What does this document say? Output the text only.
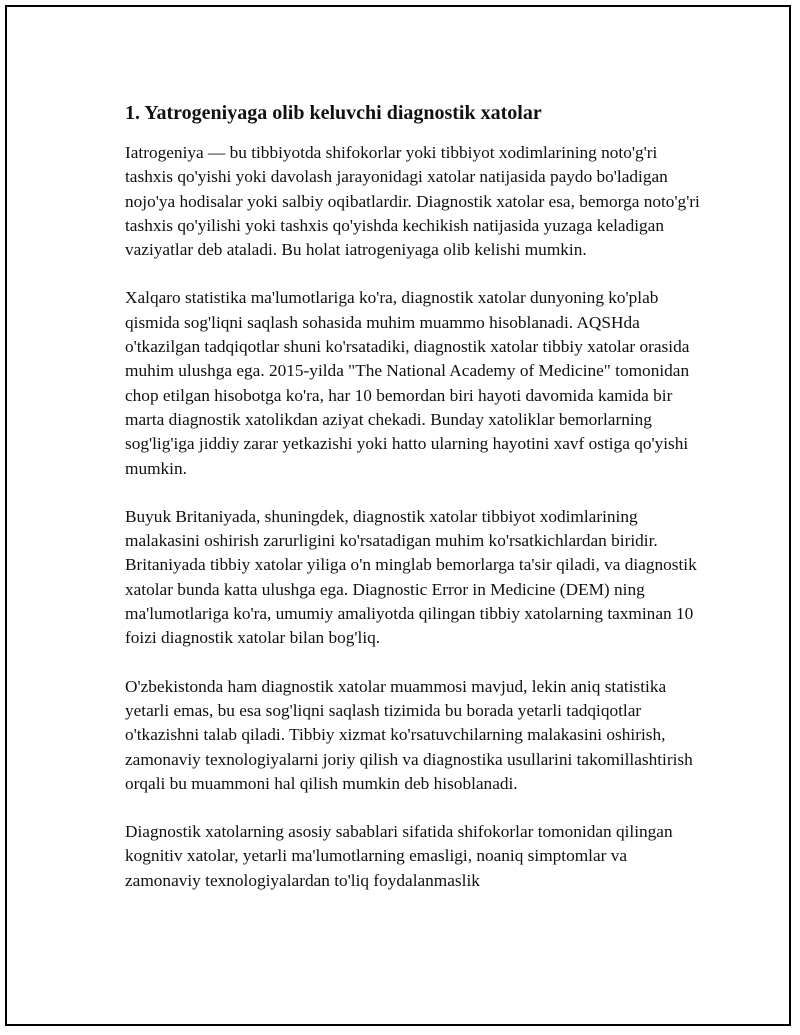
1. Yatrogeniyaga olib keluvchi diagnostik xatolar

Iatrogeniya — bu tibbiyotda shifokorlar yoki tibbiyot xodimlarining noto'g'ri tashxis qo'yishi yoki davolash jarayonidagi xatolar natijasida paydo bo'ladigan nojo'ya hodisalar yoki salbiy oqibatlardir. Diagnostik xatolar esa, bemorga noto'g'ri tashxis qo'yilishi yoki tashxis qo'yishda kechikish natijasida yuzaga keladigan vaziyatlar deb ataladi. Bu holat iatrogeniyaga olib kelishi mumkin.

Xalqaro statistika ma'lumotlariga ko'ra, diagnostik xatolar dunyoning ko'plab qismida sog'liqni saqlash sohasida muhim muammo hisoblanadi. AQSHda o'tkazilgan tadqiqotlar shuni ko'rsatadiki, diagnostik xatolar tibbiy xatolar orasida muhim ulushga ega. 2015-yilda "The National Academy of Medicine" tomonidan chop etilgan hisobotga ko'ra, har 10 bemordan biri hayoti davomida kamida bir marta diagnostik xatolikdan aziyat chekadi. Bunday xatoliklar bemorlarning sog'lig'iga jiddiy zarar yetkazishi yoki hatto ularning hayotini xavf ostiga qo'yishi mumkin.

Buyuk Britaniyada, shuningdek, diagnostik xatolar tibbiyot xodimlarining malakasini oshirish zarurligini ko'rsatadigan muhim ko'rsatkichlardan biridir. Britaniyada tibbiy xatolar yiliga o'n minglab bemorlarga ta'sir qiladi, va diagnostik xatolar bunda katta ulushga ega. Diagnostic Error in Medicine (DEM) ning ma'lumotlariga ko'ra, umumiy amaliyotda qilingan tibbiy xatolarning taxminan 10 foizi diagnostik xatolar bilan bog'liq.

O'zbekistonda ham diagnostik xatolar muammosi mavjud, lekin aniq statistika yetarli emas, bu esa sog'liqni saqlash tizimida bu borada yetarli tadqiqotlar o'tkazishni talab qiladi. Tibbiy xizmat ko'rsatuvchilarning malakasini oshirish, zamonaviy texnologiyalarni joriy qilish va diagnostika usullarini takomillashtirish orqali bu muammoni hal qilish mumkin deb hisoblanadi.

Diagnostik xatolarning asosiy sabablari sifatida shifokorlar tomonidan qilingan kognitiv xatolar, yetarli ma'lumotlarning emasligi, noaniq simptomlar va zamonaviy texnologiyalardan to'liq foydalanmaslik
